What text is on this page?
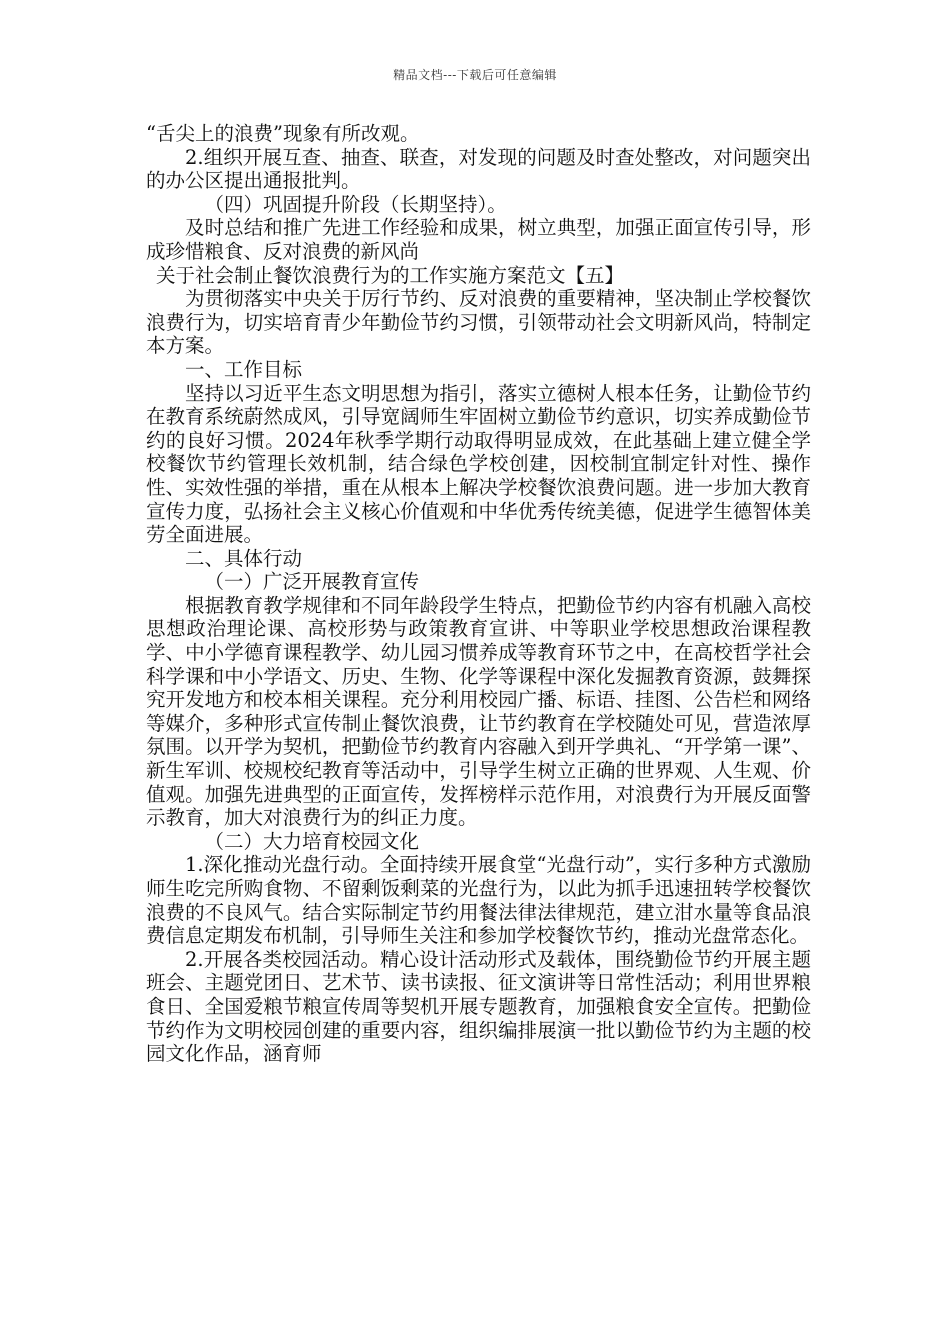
精品文档---下载后可任意编辑

“舌尖上的浪费”现象有所改观。

2.组织开展互查、抽查、联查，对发现的问题及时查处整改，对问题突出的办公区提出通报批判。

（四）巩固提升阶段（长期坚持）。

及时总结和推广先进工作经验和成果，树立典型，加强正面宣传引导，形成珍惜粮食、反对浪费的新风尚

关于社会制止餐饮浪费行为的工作实施方案范文【五】

为贯彻落实中央关于厉行节约、反对浪费的重要精神，坚决制止学校餐饮浪费行为，切实培育青少年勤俭节约习惯，引领带动社会文明新风尚，特制定本方案。

一、工作目标

坚持以习近平生态文明思想为指引，落实立德树人根本任务，让勤俭节约在教育系统蔚然成风，引导宽阔师生牢固树立勤俭节约意识，切实养成勤俭节约的良好习惯。2024年秋季学期行动取得明显成效，在此基础上建立健全学校餐饮节约管理长效机制，结合绿色学校创建，因校制宜制定针对性、操作性、实效性强的举措，重在从根本上解决学校餐饮浪费问题。进一步加大教育宣传力度，弘扬社会主义核心价值观和中华优秀传统美德，促进学生德智体美劳全面进展。

二、具体行动

（一）广泛开展教育宣传

根据教育教学规律和不同年龄段学生特点，把勤俭节约内容有机融入高校思想政治理论课、高校形势与政策教育宣讲、中等职业学校思想政治课程教学、中小学德育课程教学、幼儿园习惯养成等教育环节之中，在高校哲学社会科学课和中小学语文、历史、生物、化学等课程中深化发掘教育资源，鼓舞探究开发地方和校本相关课程。充分利用校园广播、标语、挂图、公告栏和网络等媒介，多种形式宣传制止餐饮浪费，让节约教育在学校随处可见，营造浓厚氛围。以开学为契机，把勤俭节约教育内容融入到开学典礼、“开学第一课”、新生军训、校规校纪教育等活动中，引导学生树立正确的世界观、人生观、价值观。加强先进典型的正面宣传，发挥榜样示范作用，对浪费行为开展反面警示教育，加大对浪费行为的纠正力度。

（二）大力培育校园文化

1.深化推动光盘行动。全面持续开展食堂“光盘行动”，实行多种方式激励师生吃完所购食物、不留剩饭剩菜的光盘行为，以此为抓手迅速扭转学校餐饮浪费的不良风气。结合实际制定节约用餐法律法律规范，建立泔水量等食品浪费信息定期发布机制，引导师生关注和参加学校餐饮节约，推动光盘常态化。

2.开展各类校园活动。精心设计活动形式及载体，围绕勤俭节约开展主题班会、主题党团日、艺术节、读书读报、征文演讲等日常性活动；利用世界粮食日、全国爱粮节粮宣传周等契机开展专题教育，加强粮食安全宣传。把勤俭节约作为文明校园创建的重要内容，组织编排展演一批以勤俭节约为主题的校园文化作品，涵育师
